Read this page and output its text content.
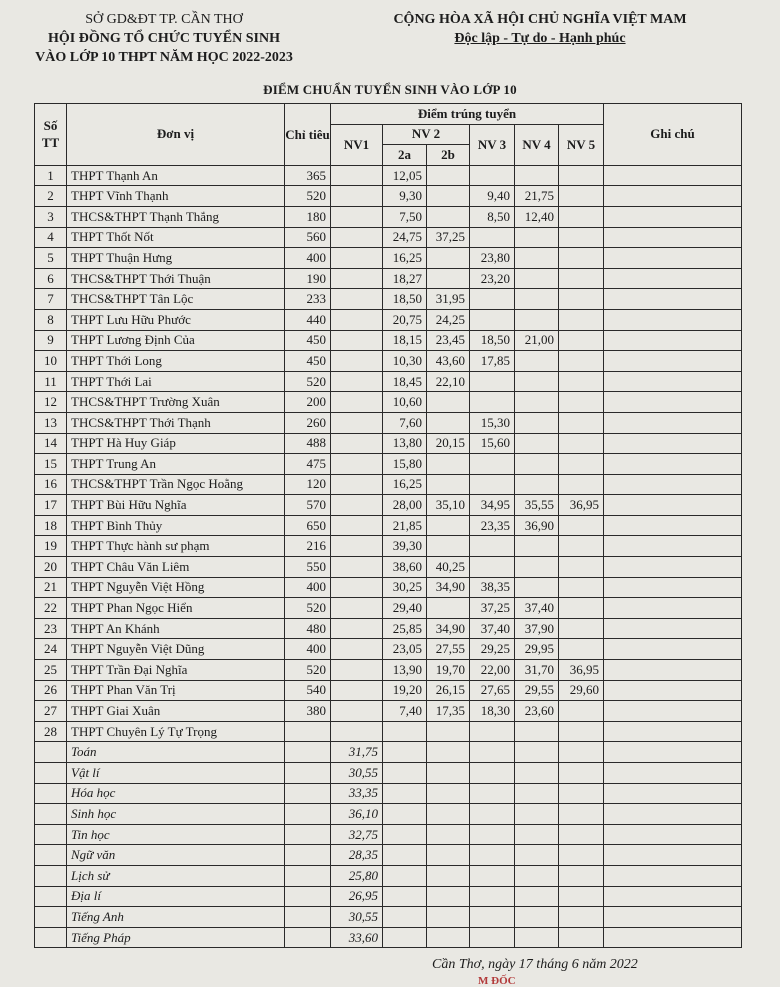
SỞ GD&ĐT TP. CẦN THƠ
HỘI ĐỒNG TỔ CHỨC TUYỂN SINH
VÀO LỚP 10 THPT NĂM HỌC 2022-2023
CỘNG HÒA XÃ HỘI CHỦ NGHĨA VIỆT MAM
Độc lập - Tự do - Hạnh phúc
ĐIỂM CHUẨN TUYỂN SINH VÀO LỚP 10
Số TT	Đơn vị	Chỉ tiêu	Điểm trúng tuyển						Ghi chú
			NV1	NV 2		NV 3	NV 4	NV 5	
				2a	2b				
1	THPT Thạnh An	365		12,05					
2	THPT Vĩnh Thạnh	520		9,30		9,40	21,75		
3	THCS&THPT Thạnh Thắng	180		7,50		8,50	12,40		
4	THPT Thốt Nốt	560		24,75	37,25				
5	THPT Thuận Hưng	400		16,25		23,80			
6	THCS&THPT Thới Thuận	190		18,27		23,20			
7	THCS&THPT Tân Lộc	233		18,50	31,95				
8	THPT Lưu Hữu Phước	440		20,75	24,25				
9	THPT Lương Định Của	450		18,15	23,45	18,50	21,00		
10	THPT Thới Long	450		10,30	43,60	17,85			
11	THPT Thới Lai	520		18,45	22,10				
12	THCS&THPT Trường Xuân	200		10,60					
13	THCS&THPT Thới Thạnh	260		7,60		15,30			
14	THPT Hà Huy Giáp	488		13,80	20,15	15,60			
15	THPT Trung An	475		15,80					
16	THCS&THPT Trần Ngọc Hoằng	120		16,25					
17	THPT Bùi Hữu Nghĩa	570		28,00	35,10	34,95	35,55	36,95	
18	THPT Bình Thủy	650		21,85		23,35	36,90		
19	THPT Thực hành sư phạm	216		39,30					
20	THPT Châu Văn Liêm	550		38,60	40,25				
21	THPT Nguyễn Việt Hồng	400		30,25	34,90	38,35			
22	THPT Phan Ngọc Hiển	520		29,40		37,25	37,40		
23	THPT An Khánh	480		25,85	34,90	37,40	37,90		
24	THPT Nguyễn Việt Dũng	400		23,05	27,55	29,25	29,95		
25	THPT Trần Đại Nghĩa	520		13,90	19,70	22,00	31,70	36,95	
26	THPT Phan Văn Trị	540		19,20	26,15	27,65	29,55	29,60	
27	THPT Giai Xuân	380		7,40	17,35	18,30	23,60		
28	THPT Chuyên Lý Tự Trọng								
	Toán		31,75						
	Vật lí		30,55						
	Hóa học		33,35						
	Sinh học		36,10						
	Tin học		32,75						
	Ngữ văn		28,35						
	Lịch sử		25,80						
	Địa lí		26,95						
	Tiếng Anh		30,55						
	Tiếng Pháp		33,60						
Cần Thơ, ngày 17 tháng 6 năm 2022
M ĐỐC
